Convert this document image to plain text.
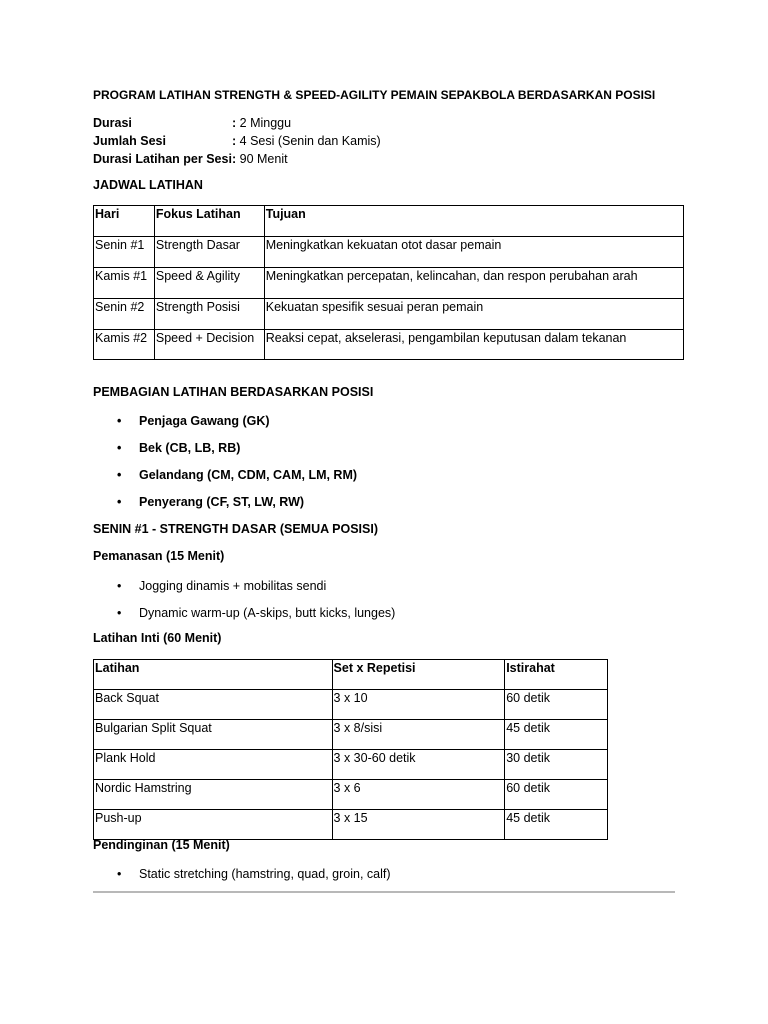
PROGRAM LATIHAN STRENGTH & SPEED-AGILITY PEMAIN SEPAKBOLA BERDASARKAN POSISI
Durasi	: 2 Minggu
Jumlah Sesi	: 4 Sesi (Senin dan Kamis)
Durasi Latihan per Sesi : 90 Menit
JADWAL LATIHAN
Hari	Fokus Latihan	Tujuan
Senin #1	Strength Dasar	Meningkatkan kekuatan otot dasar pemain
Kamis #1	Speed & Agility	Meningkatkan percepatan, kelincahan, dan respon perubahan arah
Senin #2	Strength Posisi	Kekuatan spesifik sesuai peran pemain
Kamis #2	Speed + Decision	Reaksi cepat, akselerasi, pengambilan keputusan dalam tekanan
PEMBAGIAN LATIHAN BERDASARKAN POSISI
• Penjaga Gawang (GK)
• Bek (CB, LB, RB)
• Gelandang (CM, CDM, CAM, LM, RM)
• Penyerang (CF, ST, LW, RW)
SENIN #1 - STRENGTH DASAR (SEMUA POSISI)
Pemanasan (15 Menit)
• Jogging dinamis + mobilitas sendi
• Dynamic warm-up (A-skips, butt kicks, lunges)
Latihan Inti (60 Menit)
Latihan	Set x Repetisi	Istirahat
Back Squat	3 x 10	60 detik
Bulgarian Split Squat	3 x 8/sisi	45 detik
Plank Hold	3 x 30-60 detik	30 detik
Nordic Hamstring	3 x 6	60 detik
Push-up	3 x 15	45 detik
Pendinginan (15 Menit)
• Static stretching (hamstring, quad, groin, calf)
